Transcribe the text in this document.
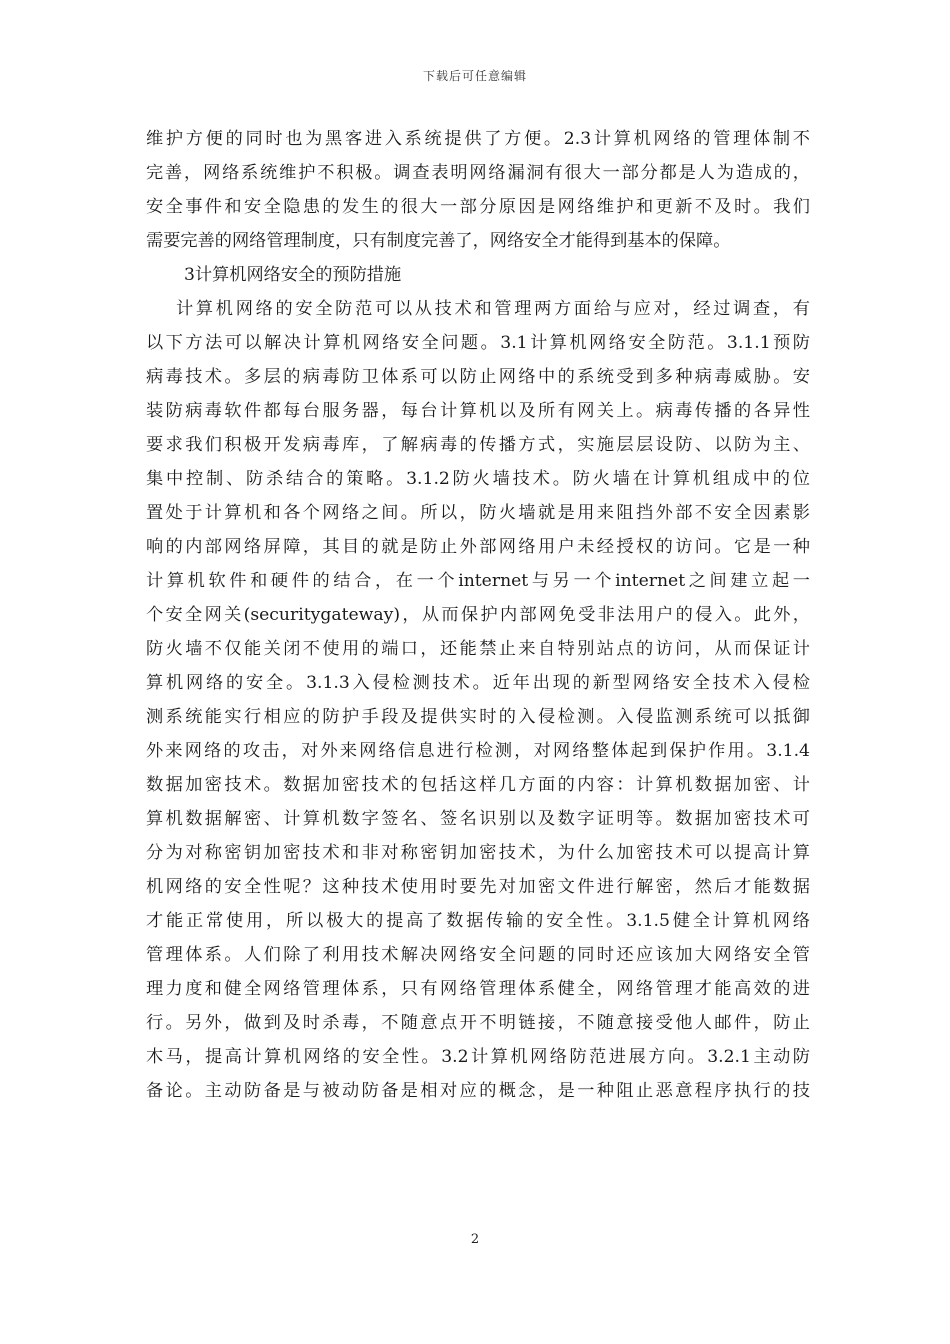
下载后可任意编辑
维护方便的同时也为黑客进入系统提供了方便。2.3计算机网络的管理体制不
完善，网络系统维护不积极。调查表明网络漏洞有很大一部分都是人为造成的，
安全事件和安全隐患的发生的很大一部分原因是网络维护和更新不及时。我们
需要完善的网络管理制度，只有制度完善了，网络安全才能得到基本的保障。
3计算机网络安全的预防措施
计算机网络的安全防范可以从技术和管理两方面给与应对，经过调查，有
以下方法可以解决计算机网络安全问题。3.1计算机网络安全防范。3.1.1预防
病毒技术。多层的病毒防卫体系可以防止网络中的系统受到多种病毒威胁。安
装防病毒软件都每台服务器，每台计算机以及所有网关上。病毒传播的各异性
要求我们积极开发病毒库，了解病毒的传播方式，实施层层设防、以防为主、
集中控制、防杀结合的策略。3.1.2防火墙技术。防火墙在计算机组成中的位
置处于计算机和各个网络之间。所以，防火墙就是用来阻挡外部不安全因素影
响的内部网络屏障，其目的就是防止外部网络用户未经授权的访问。它是一种
计算机软件和硬件的结合，在一个internet与另一个internet之间建立起一
个安全网关(securitygateway)，从而保护内部网免受非法用户的侵入。此外，
防火墙不仅能关闭不使用的端口，还能禁止来自特别站点的访问，从而保证计
算机网络的安全。3.1.3入侵检测技术。近年出现的新型网络安全技术入侵检
测系统能实行相应的防护手段及提供实时的入侵检测。入侵监测系统可以抵御
外来网络的攻击，对外来网络信息进行检测，对网络整体起到保护作用。3.1.4
数据加密技术。数据加密技术的包括这样几方面的内容：计算机数据加密、计
算机数据解密、计算机数字签名、签名识别以及数字证明等。数据加密技术可
分为对称密钥加密技术和非对称密钥加密技术，为什么加密技术可以提高计算
机网络的安全性呢？这种技术使用时要先对加密文件进行解密，然后才能数据
才能正常使用，所以极大的提高了数据传输的安全性。3.1.5健全计算机网络
管理体系。人们除了利用技术解决网络安全问题的同时还应该加大网络安全管
理力度和健全网络管理体系，只有网络管理体系健全，网络管理才能高效的进
行。另外，做到及时杀毒，不随意点开不明链接，不随意接受他人邮件，防止
木马，提高计算机网络的安全性。3.2计算机网络防范进展方向。3.2.1主动防
备论。主动防备是与被动防备是相对应的概念，是一种阻止恶意程序执行的技
2
